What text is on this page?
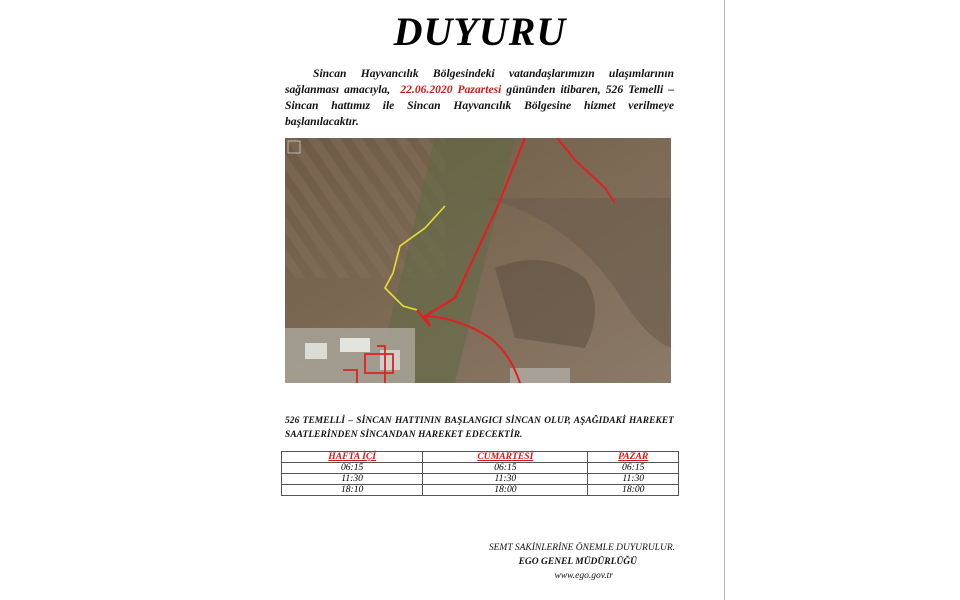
DUYURU
Sincan Hayvancılık Bölgesindeki vatandaşlarımızın ulaşımlarının sağlanması amacıyla, 22.06.2020 Pazartesi gününden itibaren, 526 Temelli – Sincan hattımız ile Sincan Hayvancılık Bölgesine hizmet verilmeye başlanılacaktır.
526 TEMELLİ – SİNCAN HATTININ BAŞLANGICI SİNCAN OLUP, AŞAĞIDAKİ HAREKET SAATLERİNDEN SİNCANDAN HAREKET EDECEKTİR.
HAFTA İÇİ	CUMARTESİ	PAZAR
06:15	06:15	06:15
11:30	11:30	11:30
18:10	18:00	18:00
SEMT SAKİNLERİNE ÖNEMLE DUYURULUR.
EGO GENEL MÜDÜRLÜĞÜ
www.ego.gov.tr
